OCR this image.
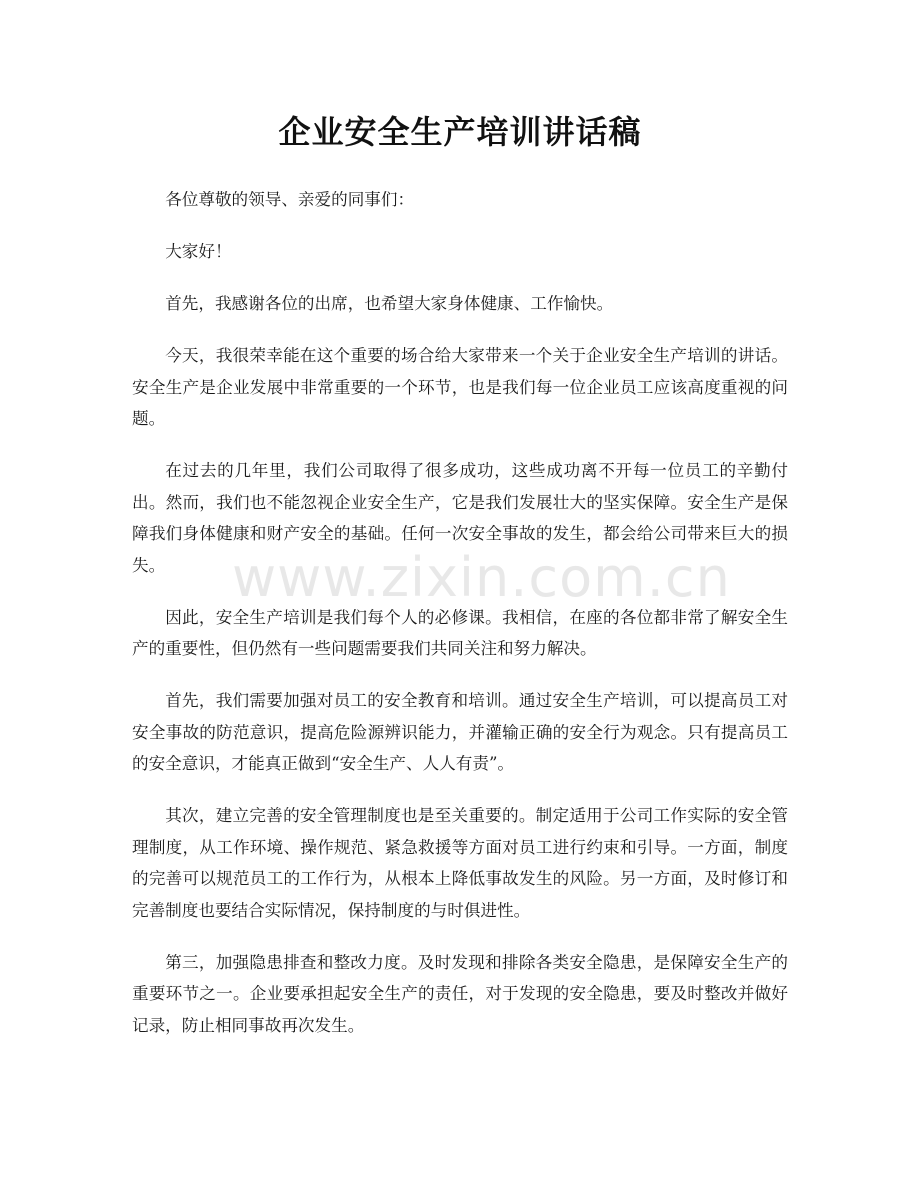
企业安全生产培训讲话稿

各位尊敬的领导、亲爱的同事们：

大家好！

首先，我感谢各位的出席，也希望大家身体健康、工作愉快。

今天，我很荣幸能在这个重要的场合给大家带来一个关于企业安全生产培训的讲话。安全生产是企业发展中非常重要的一个环节，也是我们每一位企业员工应该高度重视的问题。

在过去的几年里，我们公司取得了很多成功，这些成功离不开每一位员工的辛勤付出。然而，我们也不能忽视企业安全生产，它是我们发展壮大的坚实保障。安全生产是保障我们身体健康和财产安全的基础。任何一次安全事故的发生，都会给公司带来巨大的损失。

因此，安全生产培训是我们每个人的必修课。我相信，在座的各位都非常了解安全生产的重要性，但仍然有一些问题需要我们共同关注和努力解决。

首先，我们需要加强对员工的安全教育和培训。通过安全生产培训，可以提高员工对安全事故的防范意识，提高危险源辨识能力，并灌输正确的安全行为观念。只有提高员工的安全意识，才能真正做到“安全生产、人人有责”。

其次，建立完善的安全管理制度也是至关重要的。制定适用于公司工作实际的安全管理制度，从工作环境、操作规范、紧急救援等方面对员工进行约束和引导。一方面，制度的完善可以规范员工的工作行为，从根本上降低事故发生的风险。另一方面，及时修订和完善制度也要结合实际情况，保持制度的与时俱进性。

第三，加强隐患排查和整改力度。及时发现和排除各类安全隐患，是保障安全生产的重要环节之一。企业要承担起安全生产的责任，对于发现的安全隐患，要及时整改并做好记录，防止相同事故再次发生。

www.zixin.com.cn
